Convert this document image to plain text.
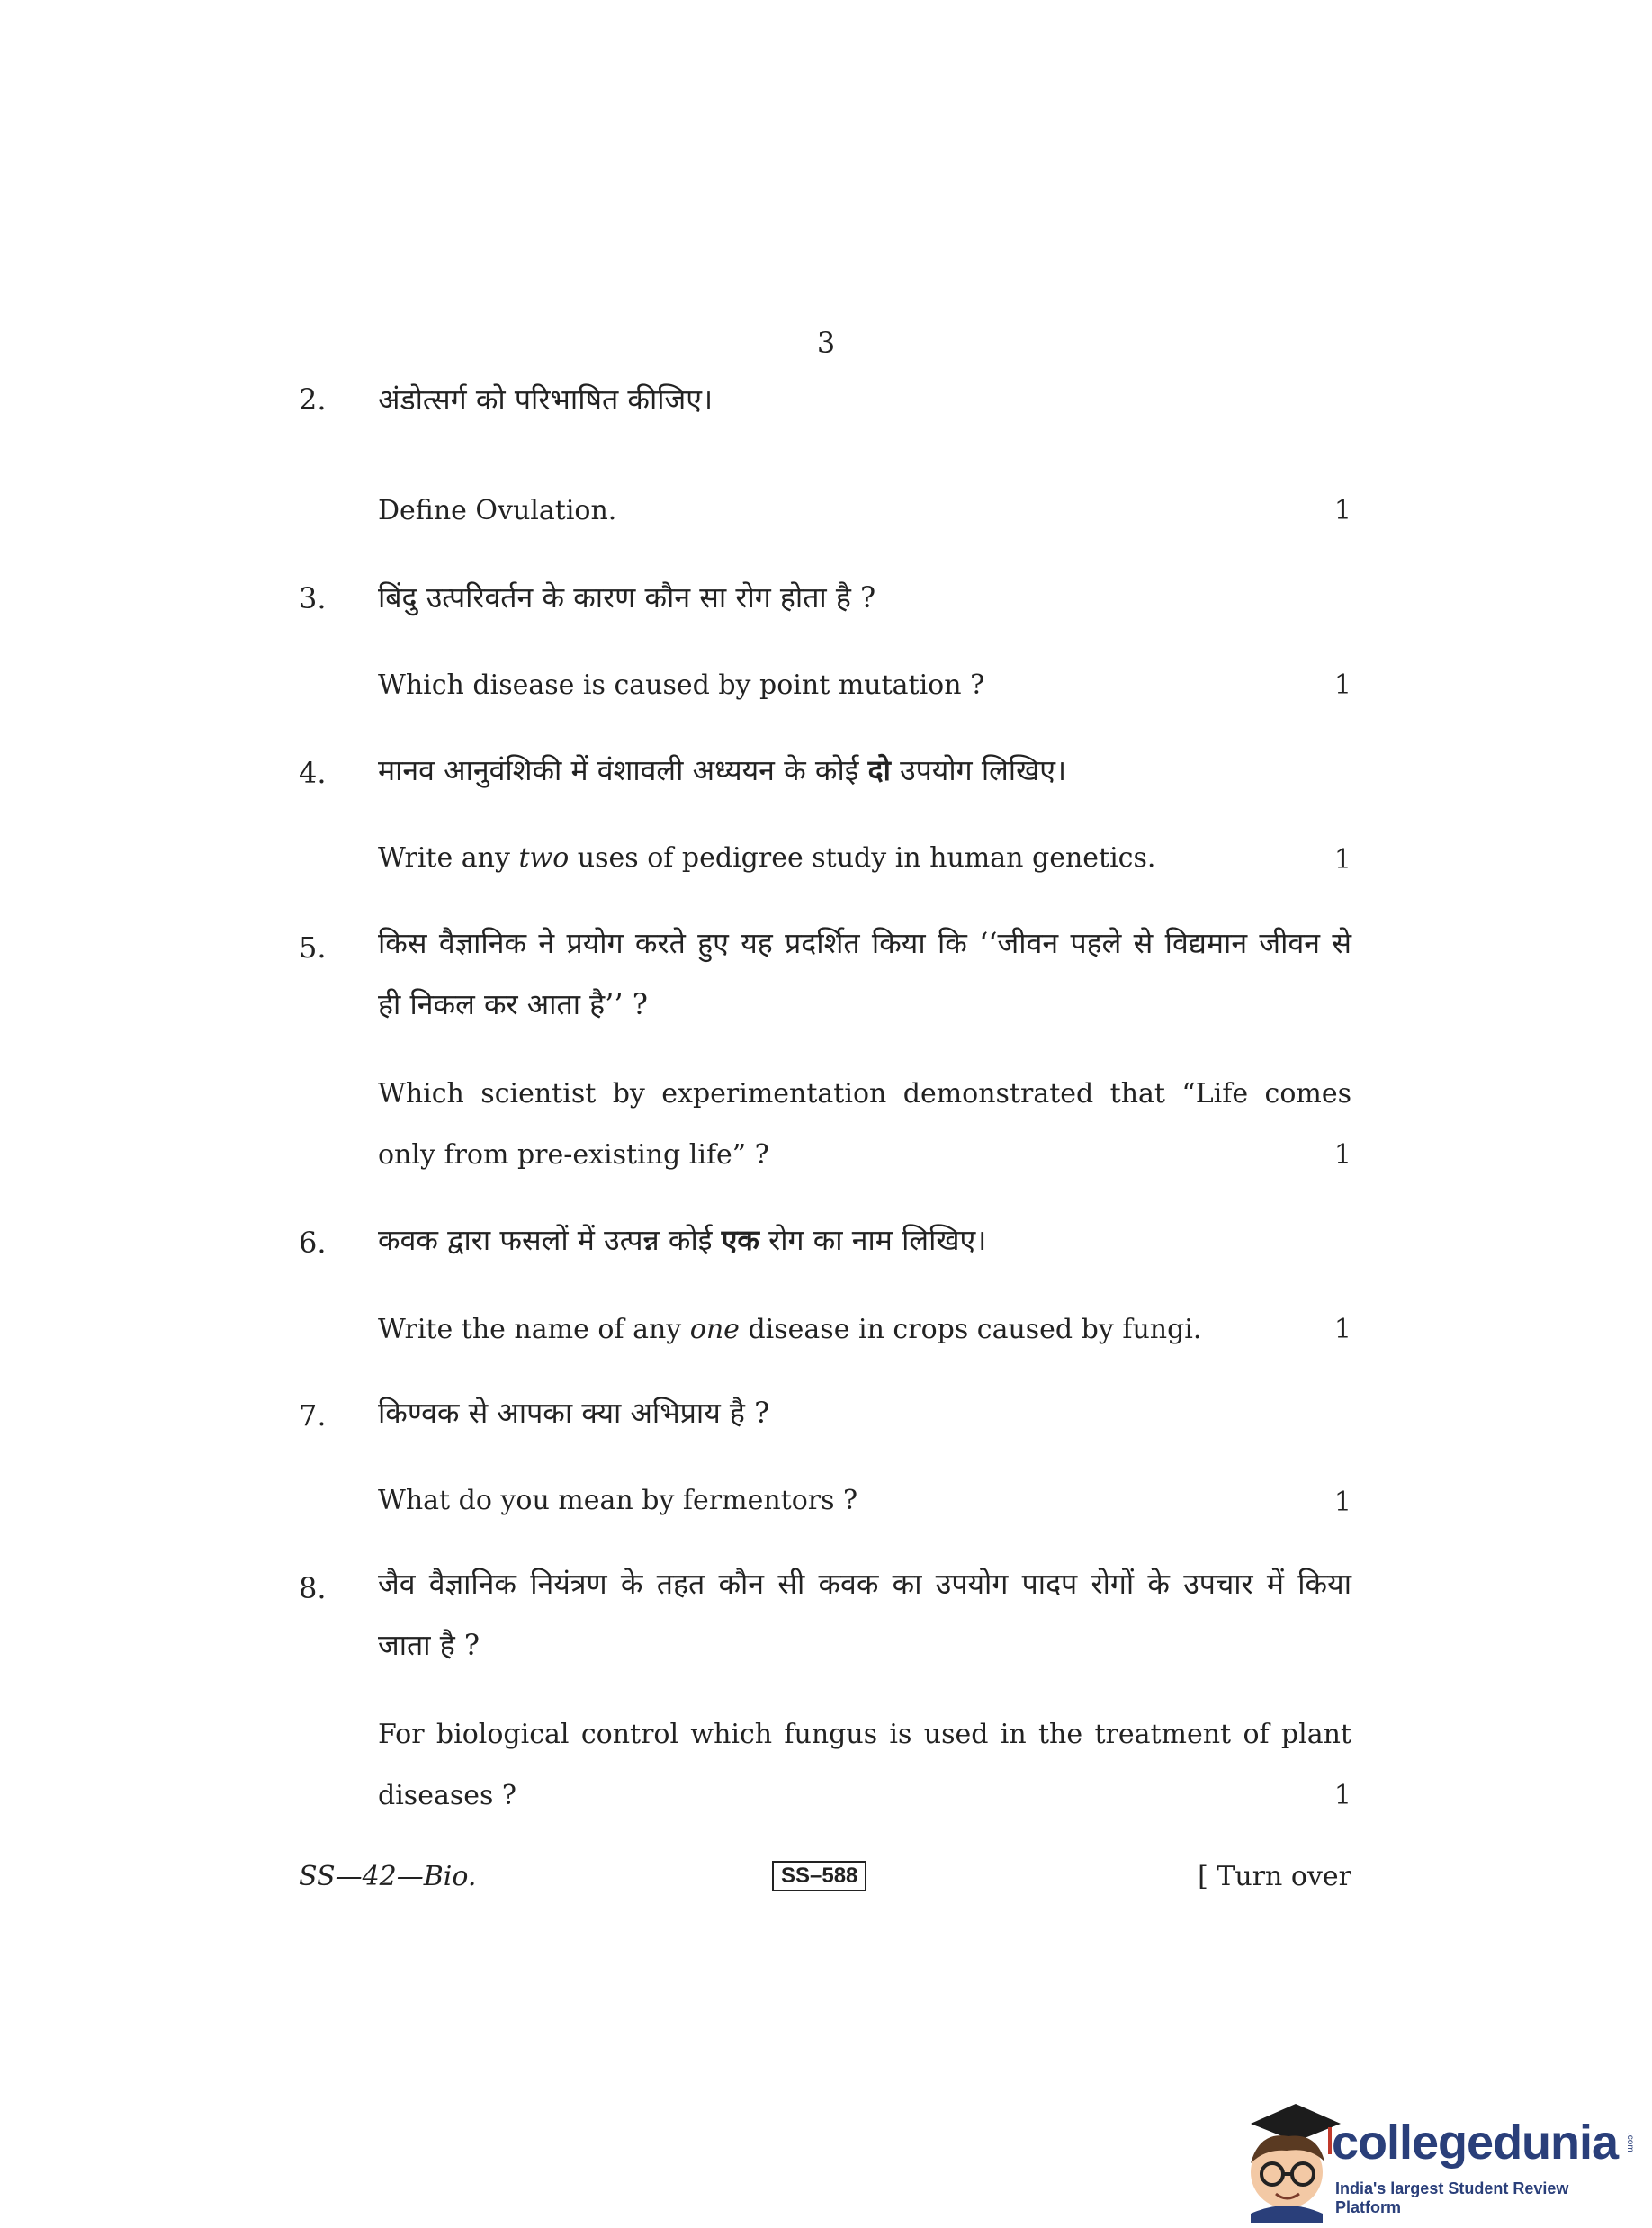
3
2. अंडोत्सर्ग को परिभाषित कीजिए।
Define Ovulation.	1
3. बिंदु उत्परिवर्तन के कारण कौन सा रोग होता है ?
Which disease is caused by point mutation ?	1
4. मानव आनुवंशिकी में वंशावली अध्ययन के कोई दो उपयोग लिखिए।
Write any two uses of pedigree study in human genetics.	1
5. किस वैज्ञानिक ने प्रयोग करते हुए यह प्रदर्शित किया कि ‘‘जीवन पहले से विद्यमान जीवन से
ही निकल कर आता है’’ ?
Which scientist by experimentation demonstrated that “Life comes
only from pre-existing life” ?	1
6. कवक द्वारा फसलों में उत्पन्न कोई एक रोग का नाम लिखिए।
Write the name of any one disease in crops caused by fungi.	1
7. किण्वक से आपका क्या अभिप्राय है ?
What do you mean by fermentors ?	1
8. जैव वैज्ञानिक नियंत्रण के तहत कौन सी कवक का उपयोग पादप रोगों के उपचार में किया
जाता है ?
For biological control which fungus is used in the treatment of plant
diseases ?	1
SS—42—Bio.	SS–588	[ Turn over
collegedunia .com
India's largest Student Review Platform
